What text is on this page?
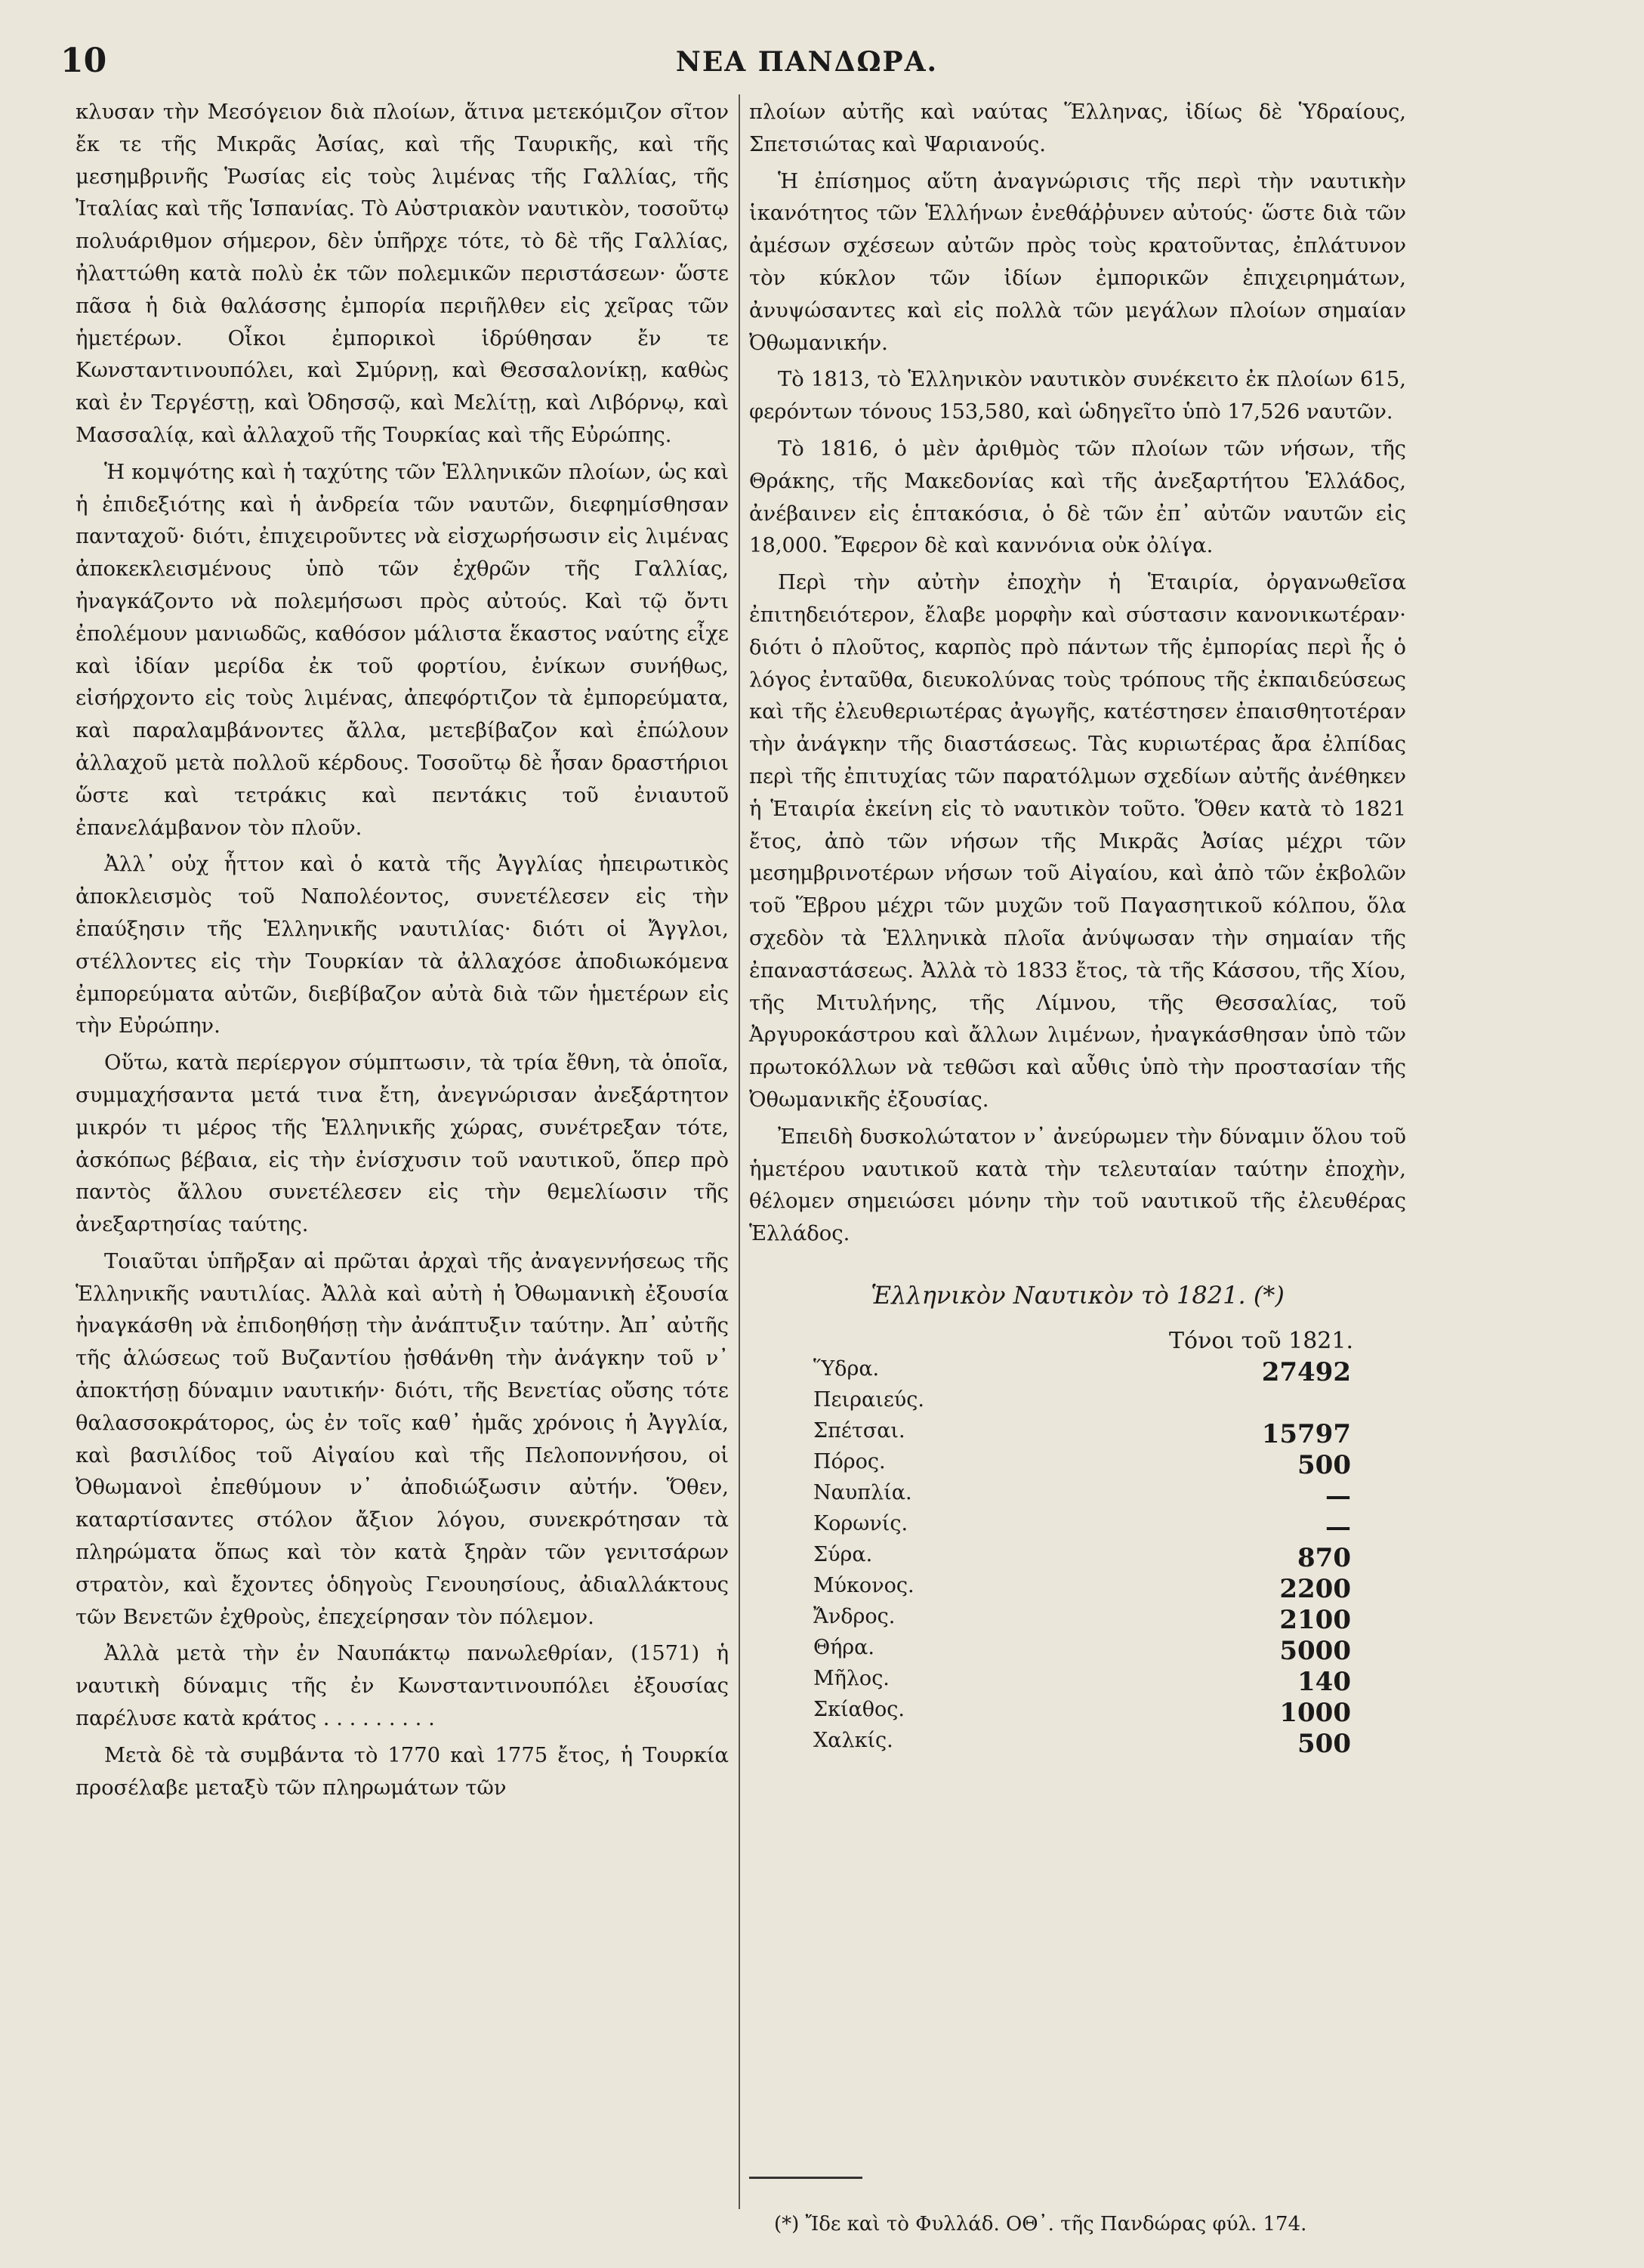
10	ΝΕΑ ΠΑΝΔΩΡΑ.

κλυσαν τὴν Μεσόγειον διὰ πλοίων, ἅτινα μετεκόμιζον σῖτον ἔκ τε τῆς Μικρᾶς Ἀσίας, καὶ τῆς Ταυρικῆς, καὶ τῆς μεσημβρινῆς Ῥωσίας εἰς τοὺς λιμένας τῆς Γαλλίας, τῆς Ἰταλίας καὶ τῆς Ἱσπανίας. Τὸ Αὐστριακὸν ναυτικὸν, τοσοῦτῳ πολυάριθμον σήμερον, δὲν ὑπῆρχε τότε, τὸ δὲ τῆς Γαλλίας, ἠλαττώθη κατὰ πολὺ ἐκ τῶν πολεμικῶν περιστάσεων· ὥστε πᾶσα ἡ διὰ θαλάσσης ἐμπορία περιῆλθεν εἰς χεῖρας τῶν ἡμετέρων. Οἶκοι ἐμπορικοὶ ἱδρύθησαν ἔν τε Κωνσταντινουπόλει, καὶ Σμύρνῃ, καὶ Θεσσαλονίκῃ, καθὼς καὶ ἐν Τεργέστῃ, καὶ Ὀδησσῷ, καὶ Μελίτῃ, καὶ Λιβόρνῳ, καὶ Μασσαλίᾳ, καὶ ἀλλαχοῦ τῆς Τουρκίας καὶ τῆς Εὐρώπης.

Ἡ κομψότης καὶ ἡ ταχύτης τῶν Ἑλληνικῶν πλοίων, ὡς καὶ ἡ ἐπιδεξιότης καὶ ἡ ἀνδρεία τῶν ναυτῶν, διεφημίσθησαν πανταχοῦ· διότι, ἐπιχειροῦντες νὰ εἰσχωρήσωσιν εἰς λιμένας ἀποκεκλεισμένους ὑπὸ τῶν ἐχθρῶν τῆς Γαλλίας, ἠναγκάζοντο νὰ πολεμήσωσι πρὸς αὐτούς. Καὶ τῷ ὄντι ἐπολέμουν μανιωδῶς, καθόσον μάλιστα ἕκαστος ναύτης εἶχε καὶ ἰδίαν μερίδα ἐκ τοῦ φορτίου, ἐνίκων συνήθως, εἰσήρχοντο εἰς τοὺς λιμένας, ἀπεφόρτιζον τὰ ἐμπορεύματα, καὶ παραλαμβάνοντες ἄλλα, μετεβίβαζον καὶ ἐπώλουν ἀλλαχοῦ μετὰ πολλοῦ κέρδους. Τοσοῦτῳ δὲ ἦσαν δραστήριοι ὥστε καὶ τετράκις καὶ πεντάκις τοῦ ἐνιαυτοῦ ἐπανελάμβανον τὸν πλοῦν.

Ἀλλ᾽ οὐχ ἧττον καὶ ὁ κατὰ τῆς Ἀγγλίας ἠπειρωτικὸς ἀποκλεισμὸς τοῦ Ναπολέοντος, συνετέλεσεν εἰς τὴν ἐπαύξησιν τῆς Ἑλληνικῆς ναυτιλίας· διότι οἱ Ἄγγλοι, στέλλοντες εἰς τὴν Τουρκίαν τὰ ἀλλαχόσε ἀποδιωκόμενα ἐμπορεύματα αὐτῶν, διεβίβαζον αὐτὰ διὰ τῶν ἡμετέρων εἰς τὴν Εὐρώπην.

Οὕτω, κατὰ περίεργον σύμπτωσιν, τὰ τρία ἔθνη, τὰ ὁποῖα, συμμαχήσαντα μετά τινα ἔτη, ἀνεγνώρισαν ἀνεξάρτητον μικρόν τι μέρος τῆς Ἑλληνικῆς χώρας, συνέτρεξαν τότε, ἀσκόπως βέβαια, εἰς τὴν ἐνίσχυσιν τοῦ ναυτικοῦ, ὅπερ πρὸ παντὸς ἄλλου συνετέλεσεν εἰς τὴν θεμελίωσιν τῆς ἀνεξαρτησίας ταύτης.

Τοιαῦται ὑπῆρξαν αἱ πρῶται ἀρχαὶ τῆς ἀναγεννήσεως τῆς Ἑλληνικῆς ναυτιλίας. Ἀλλὰ καὶ αὐτὴ ἡ Ὀθωμανικὴ ἐξουσία ἠναγκάσθη νὰ ἐπιδοηθήσῃ τὴν ἀνάπτυξιν ταύτην. Ἀπ᾽ αὐτῆς τῆς ἁλώσεως τοῦ Βυζαντίου ᾐσθάνθη τὴν ἀνάγκην τοῦ ν᾽ ἀποκτήσῃ δύναμιν ναυτικήν· διότι, τῆς Βενετίας οὔσης τότε θαλασσοκράτορος, ὡς ἐν τοῖς καθ᾽ ἡμᾶς χρόνοις ἡ Ἀγγλία, καὶ βασιλίδος τοῦ Αἰγαίου καὶ τῆς Πελοποννήσου, οἱ Ὀθωμανοὶ ἐπεθύμουν ν᾽ ἀποδιώξωσιν αὐτήν. Ὅθεν, καταρτίσαντες στόλον ἄξιον λόγου, συνεκρότησαν τὰ πληρώματα ὅπως καὶ τὸν κατὰ ξηρὰν τῶν γενιτσάρων στρατὸν, καὶ ἔχοντες ὁδηγοὺς Γενουησίους, ἀδιαλλάκτους τῶν Βενετῶν ἐχθροὺς, ἐπεχείρησαν τὸν πόλεμον.

Ἀλλὰ μετὰ τὴν ἐν Ναυπάκτῳ πανωλεθρίαν, (1571) ἡ ναυτικὴ δύναμις τῆς ἐν Κωνσταντινουπόλει ἐξουσίας παρέλυσε κατὰ κράτος . . . . . . . . .

Μετὰ δὲ τὰ συμβάντα τὸ 1770 καὶ 1775 ἔτος, ἡ Τουρκία προσέλαβε μεταξὺ τῶν πληρωμάτων τῶν

πλοίων αὐτῆς καὶ ναύτας Ἕλληνας, ἰδίως δὲ Ὑδραίους, Σπετσιώτας καὶ Ψαριανούς.

Ἡ ἐπίσημος αὕτη ἀναγνώρισις τῆς περὶ τὴν ναυτικὴν ἱκανότητος τῶν Ἑλλήνων ἐνεθάῤῥυνεν αὐτούς· ὥστε διὰ τῶν ἀμέσων σχέσεων αὐτῶν πρὸς τοὺς κρατοῦντας, ἐπλάτυνον τὸν κύκλον τῶν ἰδίων ἐμπορικῶν ἐπιχειρημάτων, ἀνυψώσαντες καὶ εἰς πολλὰ τῶν μεγάλων πλοίων σημαίαν Ὀθωμανικήν.

Τὸ 1813, τὸ Ἑλληνικὸν ναυτικὸν συνέκειτο ἐκ πλοίων 615, φερόντων τόνους 153,580, καὶ ὡδηγεῖτο ὑπὸ 17,526 ναυτῶν.

Τὸ 1816, ὁ μὲν ἀριθμὸς τῶν πλοίων τῶν νήσων, τῆς Θράκης, τῆς Μακεδονίας καὶ τῆς ἀνεξαρτήτου Ἑλλάδος, ἀνέβαινεν εἰς ἑπτακόσια, ὁ δὲ τῶν ἐπ᾽ αὐτῶν ναυτῶν εἰς 18,000. Ἔφερον δὲ καὶ καννόνια οὐκ ὀλίγα.

Περὶ τὴν αὐτὴν ἐποχὴν ἡ Ἑταιρία, ὀργανωθεῖσα ἐπιτηδειότερον, ἔλαβε μορφὴν καὶ σύστασιν κανονικωτέραν· διότι ὁ πλοῦτος, καρπὸς πρὸ πάντων τῆς ἐμπορίας περὶ ἧς ὁ λόγος ἐνταῦθα, διευκολύνας τοὺς τρόπους τῆς ἐκπαιδεύσεως καὶ τῆς ἐλευθεριωτέρας ἀγωγῆς, κατέστησεν ἐπαισθητοτέραν τὴν ἀνάγκην τῆς διαστάσεως. Τὰς κυριωτέρας ἄρα ἐλπίδας περὶ τῆς ἐπιτυχίας τῶν παρατόλμων σχεδίων αὐτῆς ἀνέθηκεν ἡ Ἑταιρία ἐκείνη εἰς τὸ ναυτικὸν τοῦτο. Ὅθεν κατὰ τὸ 1821 ἔτος, ἀπὸ τῶν νήσων τῆς Μικρᾶς Ἀσίας μέχρι τῶν μεσημβρινοτέρων νήσων τοῦ Αἰγαίου, καὶ ἀπὸ τῶν ἐκβολῶν τοῦ Ἕβρου μέχρι τῶν μυχῶν τοῦ Παγασητικοῦ κόλπου, ὅλα σχεδὸν τὰ Ἑλληνικὰ πλοῖα ἀνύψωσαν τὴν σημαίαν τῆς ἐπαναστάσεως. Ἀλλὰ τὸ 1833 ἔτος, τὰ τῆς Κάσσου, τῆς Χίου, τῆς Μιτυλήνης, τῆς Λίμνου, τῆς Θεσσαλίας, τοῦ Ἀργυροκάστρου καὶ ἄλλων λιμένων, ἠναγκάσθησαν ὑπὸ τῶν πρωτοκόλλων νὰ τεθῶσι καὶ αὖθις ὑπὸ τὴν προστασίαν τῆς Ὀθωμανικῆς ἐξουσίας.

Ἐπειδὴ δυσκολώτατον ν᾽ ἀνεύρωμεν τὴν δύναμιν ὅλου τοῦ ἡμετέρου ναυτικοῦ κατὰ τὴν τελευταίαν ταύτην ἐποχὴν, θέλομεν σημειώσει μόνην τὴν τοῦ ναυτικοῦ τῆς ἐλευθέρας Ἑλλάδος.

Ἑλληνικὸν Ναυτικὸν τὸ 1821. (*)
Τόνοι τοῦ 1821.
Ὕδρα.	27492
Πειραιεύς.
Σπέτσαι.	15797
Πόρος.	500
Ναυπλία.	—
Κορωνίς.	—
Σύρα.	870
Μύκονος.	2200
Ἄνδρος.	2100
Θήρα.	5000
Μῆλος.	140
Σκίαθος.	1000
Χαλκίς.	500
(*) Ἴδε καὶ τὸ Φυλλάδ. ΟΘ᾽. τῆς Πανδώρας φύλ. 174.
